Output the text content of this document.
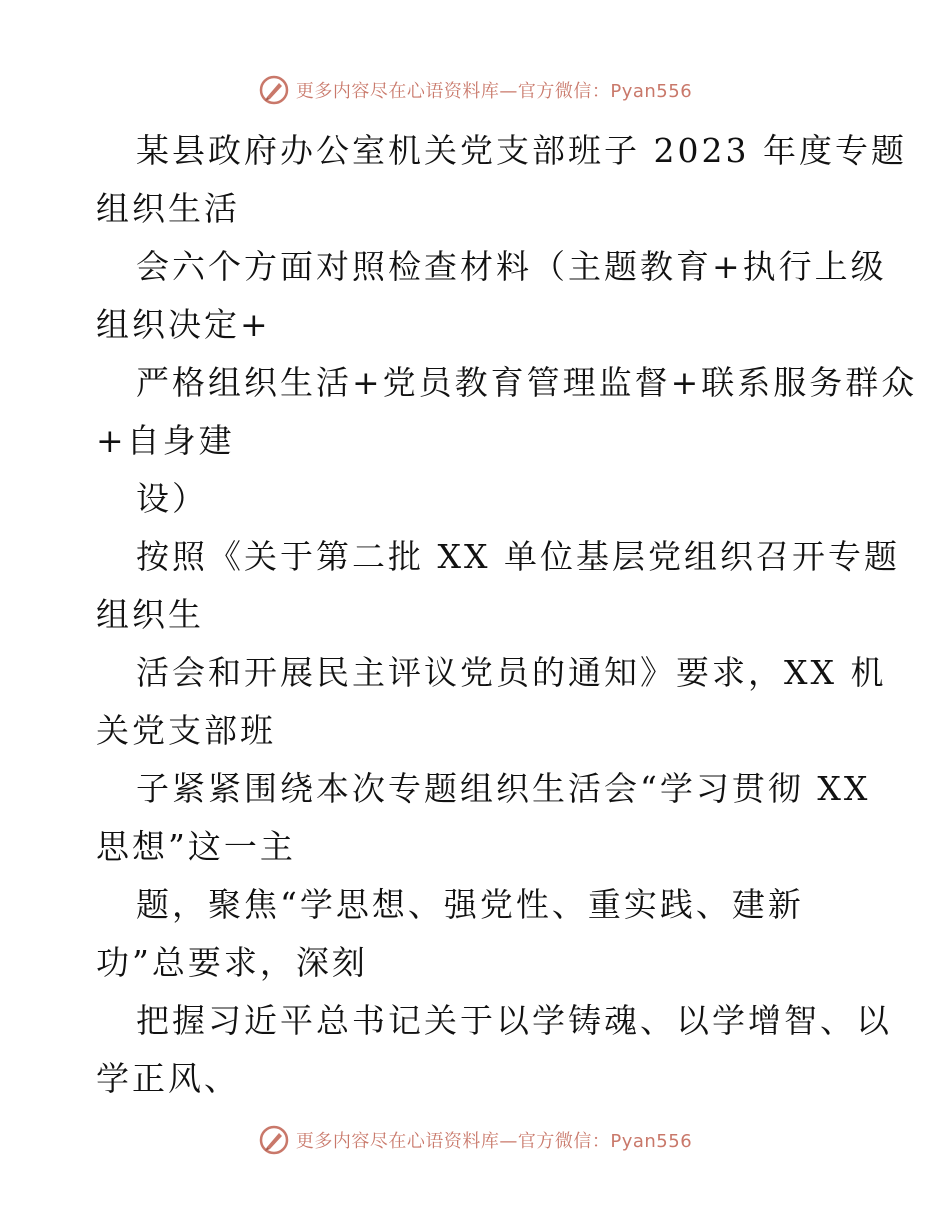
更多内容尽在心语资料库—官方微信：Pyan556

某县政府办公室机关党支部班子 2023 年度专题

组织生活

会六个方面对照检查材料（主题教育+执行上级

组织决定+

严格组织生活+党员教育管理监督+联系服务群众

+自身建

设）

按照《关于第二批 XX 单位基层党组织召开专题

组织生

活会和开展民主评议党员的通知》要求，XX 机

关党支部班

子紧紧围绕本次专题组织生活会“学习贯彻 XX

思想”这一主

题，聚焦“学思想、强党性、重实践、建新

功”总要求，深刻

把握习近平总书记关于以学铸魂、以学增智、以

学正风、

更多内容尽在心语资料库—官方微信：Pyan556
